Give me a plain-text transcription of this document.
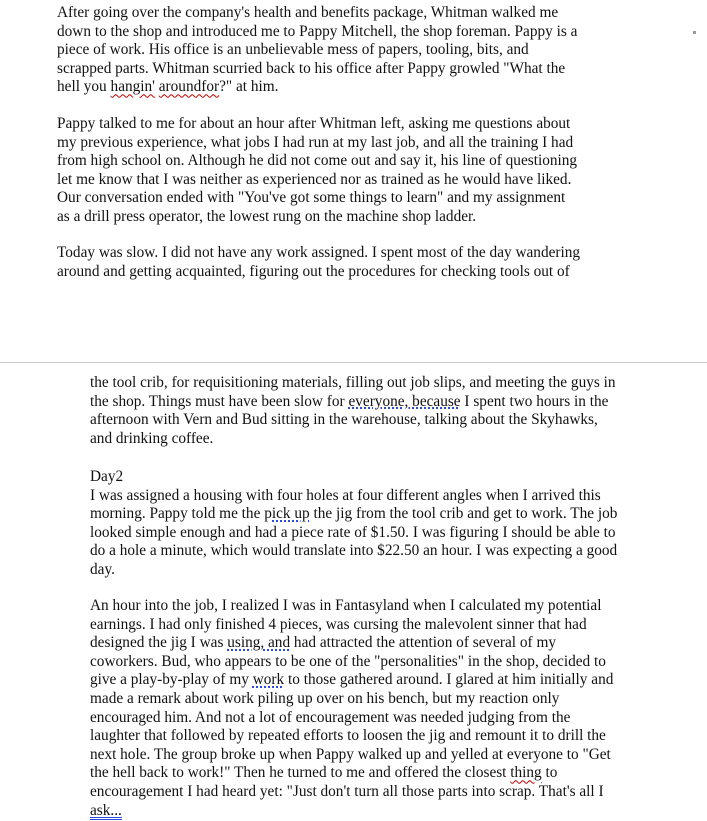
After going over the company's health and benefits package, Whitman walked me
down to the shop and introduced me to Pappy Mitchell, the shop foreman. Pappy is a
piece of work. His office is an unbelievable mess of papers, tooling, bits, and
scrapped parts. Whitman scurried back to his office after Pappy growled "What the
hell you hangin' aroundfor?" at him.
Pappy talked to me for about an hour after Whitman left, asking me questions about
my previous experience, what jobs I had run at my last job, and all the training I had
from high school on. Although he did not come out and say it, his line of questioning
let me know that I was neither as experienced nor as trained as he would have liked.
Our conversation ended with "You've got some things to learn" and my assignment
as a drill press operator, the lowest rung on the machine shop ladder.
Today was slow. I did not have any work assigned. I spent most of the day wandering
around and getting acquainted, figuring out the procedures for checking tools out of
the tool crib, for requisitioning materials, filling out job slips, and meeting the guys in
the shop. Things must have been slow for everyone, because I spent two hours in the
afternoon with Vern and Bud sitting in the warehouse, talking about the Skyhawks,
and drinking coffee.
Day2
I was assigned a housing with four holes at four different angles when I arrived this
morning. Pappy told me the pick up the jig from the tool crib and get to work. The job
looked simple enough and had a piece rate of $1.50. I was figuring I should be able to
do a hole a minute, which would translate into $22.50 an hour. I was expecting a good
day.
An hour into the job, I realized I was in Fantasyland when I calculated my potential
earnings. I had only finished 4 pieces, was cursing the malevolent sinner that had
designed the jig I was using, and had attracted the attention of several of my
coworkers. Bud, who appears to be one of the "personalities" in the shop, decided to
give a play-by-play of my work to those gathered around. I glared at him initially and
made a remark about work piling up over on his bench, but my reaction only
encouraged him. And not a lot of encouragement was needed judging from the
laughter that followed by repeated efforts to loosen the jig and remount it to drill the
next hole. The group broke up when Pappy walked up and yelled at everyone to "Get
the hell back to work!" Then he turned to me and offered the closest thing to
encouragement I had heard yet: "Just don't turn all those parts into scrap. That's all I
ask...
